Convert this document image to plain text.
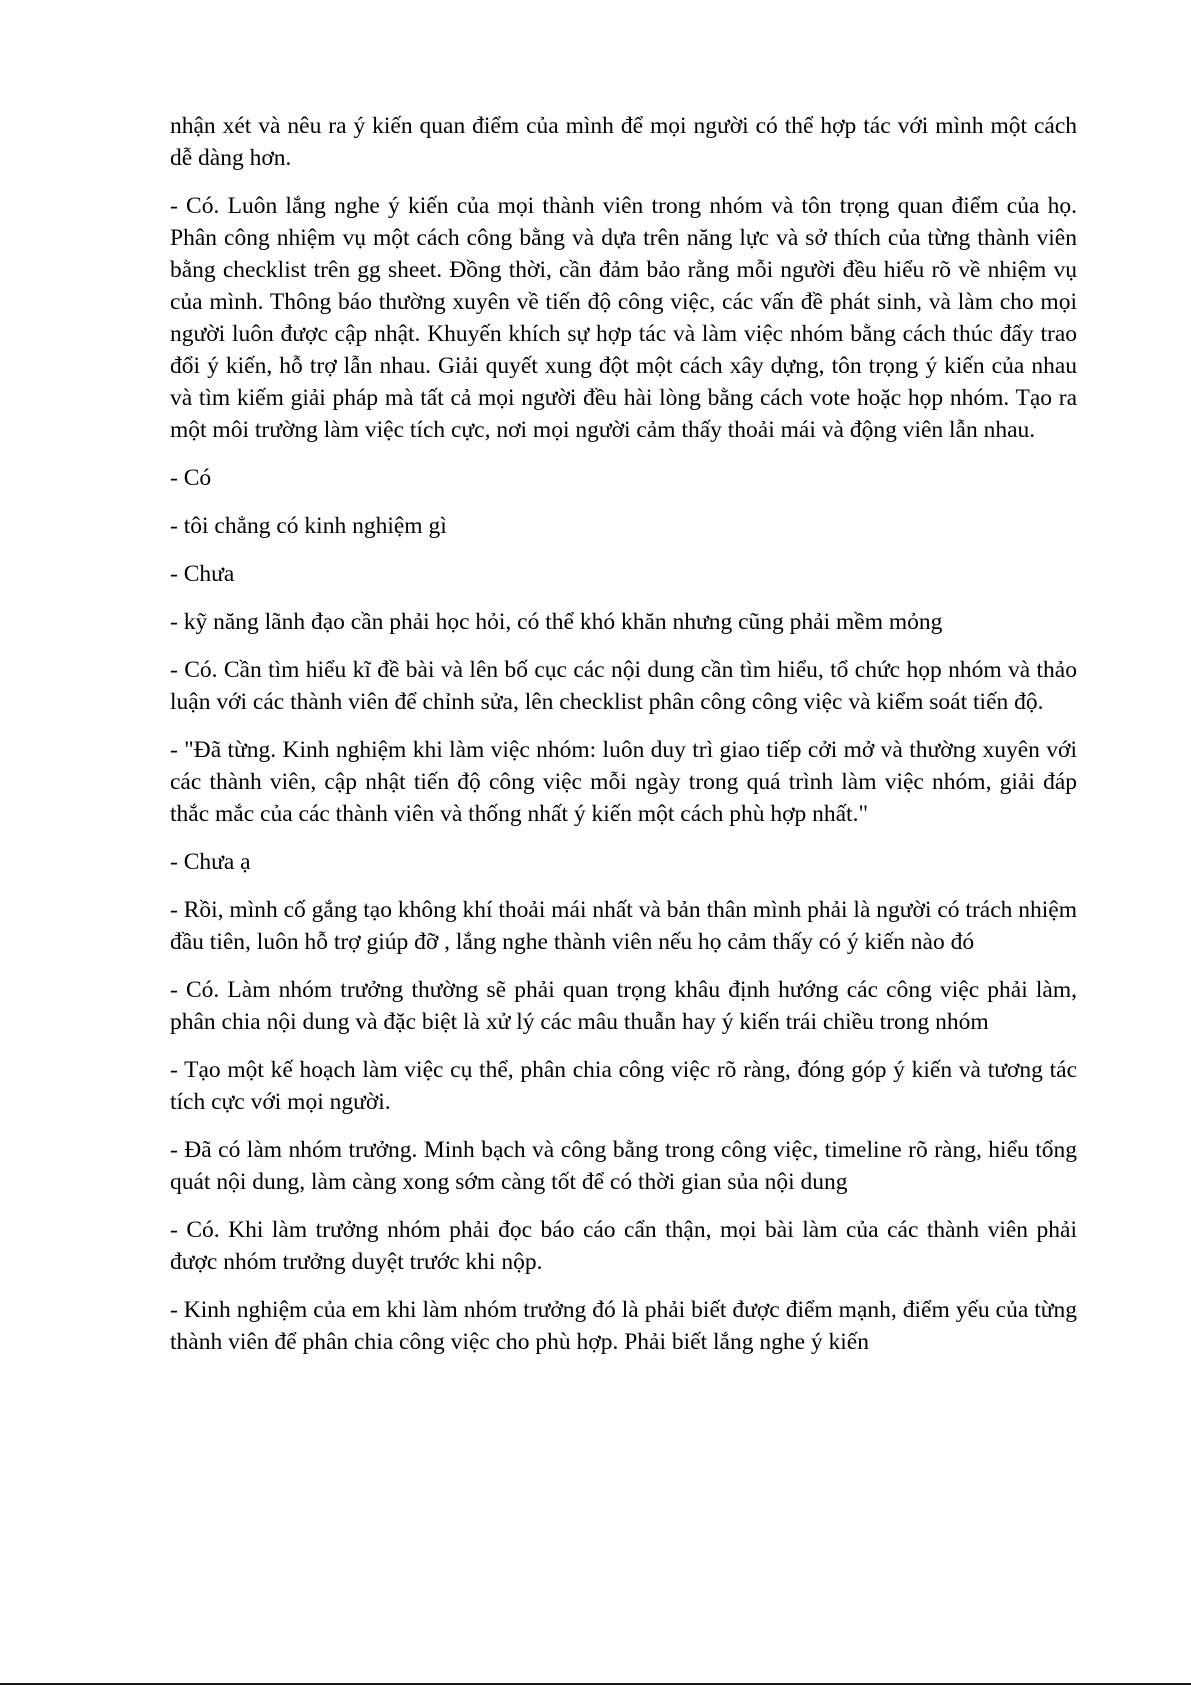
nhận xét và nêu ra ý kiến quan điểm của mình để mọi người có thể hợp tác với mình một cách dễ dàng hơn.

- Có. Luôn lắng nghe ý kiến của mọi thành viên trong nhóm và tôn trọng quan điểm của họ. Phân công nhiệm vụ một cách công bằng và dựa trên năng lực và sở thích của từng thành viên bằng checklist trên gg sheet. Đồng thời, cần đảm bảo rằng mỗi người đều hiểu rõ về nhiệm vụ của mình. Thông báo thường xuyên về tiến độ công việc, các vấn đề phát sinh, và làm cho mọi người luôn được cập nhật. Khuyến khích sự hợp tác và làm việc nhóm bằng cách thúc đẩy trao đổi ý kiến, hỗ trợ lẫn nhau. Giải quyết xung đột một cách xây dựng, tôn trọng ý kiến của nhau và tìm kiếm giải pháp mà tất cả mọi người đều hài lòng bằng cách vote hoặc họp nhóm. Tạo ra một môi trường làm việc tích cực, nơi mọi người cảm thấy thoải mái và động viên lẫn nhau.

- Có

- tôi chẳng có kinh nghiệm gì

- Chưa

- kỹ năng lãnh đạo cần phải học hỏi, có thể khó khăn nhưng cũng phải mềm mỏng

- Có. Cần tìm hiểu kĩ đề bài và lên bố cục các nội dung cần tìm hiểu, tổ chức họp nhóm và thảo luận với các thành viên để chỉnh sửa, lên checklist phân công công việc và kiểm soát tiến độ.

- "Đã từng. Kinh nghiệm khi làm việc nhóm: luôn duy trì giao tiếp cởi mở và thường xuyên với các thành viên, cập nhật tiến độ công việc mỗi ngày trong quá trình làm việc nhóm, giải đáp thắc mắc của các thành viên và thống nhất ý kiến một cách phù hợp nhất."

- Chưa ạ

- Rồi, mình cố gắng tạo không khí thoải mái nhất và bản thân mình phải là người có trách nhiệm đầu tiên, luôn hỗ trợ giúp đỡ , lắng nghe thành viên nếu họ cảm thấy có ý kiến nào đó

- Có. Làm nhóm trưởng thường sẽ phải quan trọng khâu định hướng các công việc phải làm, phân chia nội dung và đặc biệt là xử lý các mâu thuẫn hay ý kiến trái chiều trong nhóm

- Tạo một kế hoạch làm việc cụ thể, phân chia công việc rõ ràng, đóng góp ý kiến và tương tác tích cực với mọi người.

- Đã có làm nhóm trưởng. Minh bạch và công bằng trong công việc, timeline rõ ràng, hiểu tổng quát nội dung, làm càng xong sớm càng tốt để có thời gian sủa nội dung

- Có. Khi làm trưởng nhóm phải đọc báo cáo cẩn thận, mọi bài làm của các thành viên phải được nhóm trưởng duyệt trước khi nộp.

- Kinh nghiệm của em khi làm nhóm trưởng đó là phải biết được điểm mạnh, điểm yếu của từng thành viên để phân chia công việc cho phù hợp. Phải biết lắng nghe ý kiến
